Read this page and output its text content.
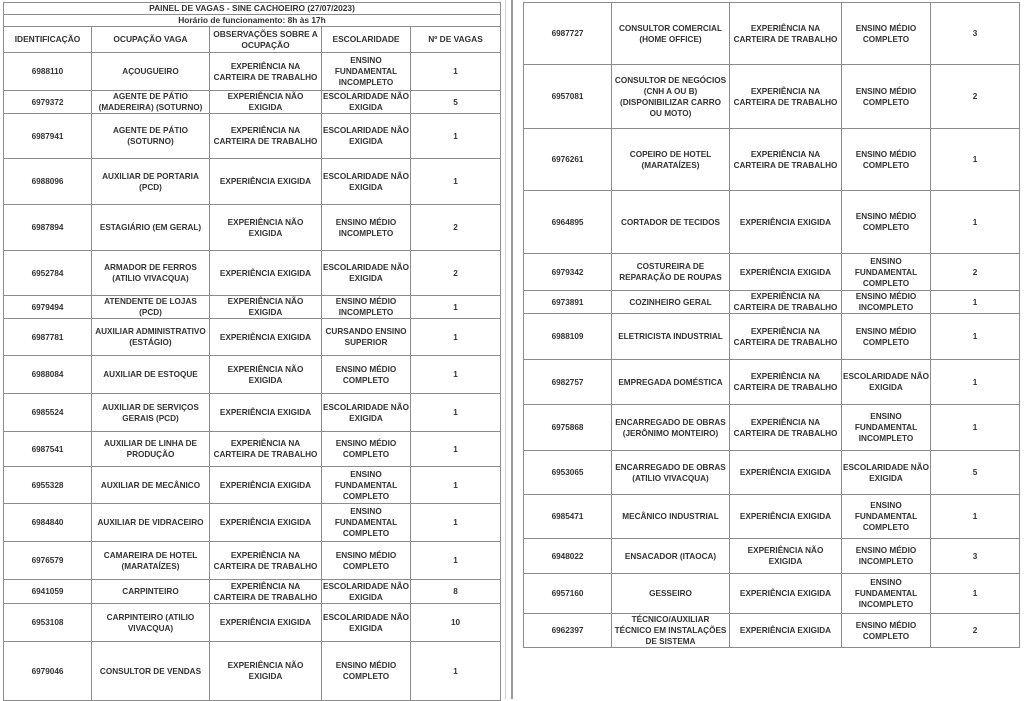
PAINEL DE VAGAS - SINE CACHOEIRO (27/07/2023)				
Horário de funcionamento: 8h às 17h				
IDENTIFICAÇÃO	OCUPAÇÃO VAGA	OBSERVAÇÕES SOBRE A OCUPAÇÃO	ESCOLARIDADE	Nº DE VAGAS
6988110	AÇOUGUEIRO	EXPERIÊNCIA NA CARTEIRA DE TRABALHO	ENSINO FUNDAMENTAL INCOMPLETO	1
6979372	AGENTE DE PÁTIO (MADEREIRA) (SOTURNO)	EXPERIÊNCIA NÃO EXIGIDA	ESCOLARIDADE NÃO EXIGIDA	5
6987941	AGENTE DE PÁTIO (SOTURNO)	EXPERIÊNCIA NA CARTEIRA DE TRABALHO	ESCOLARIDADE NÃO EXIGIDA	1
6988096	AUXILIAR DE PORTARIA (PCD)	EXPERIÊNCIA EXIGIDA	ESCOLARIDADE NÃO EXIGIDA	1
6987894	ESTAGIÁRIO (EM GERAL)	EXPERIÊNCIA NÃO EXIGIDA	ENSINO MÉDIO INCOMPLETO	2
6952784	ARMADOR DE FERROS (ATILIO VIVACQUA)	EXPERIÊNCIA EXIGIDA	ESCOLARIDADE NÃO EXIGIDA	2
6979494	ATENDENTE DE LOJAS (PCD)	EXPERIÊNCIA NÃO EXIGIDA	ENSINO MÉDIO INCOMPLETO	1
6987781	AUXILIAR ADMINISTRATIVO (ESTÁGIO)	EXPERIÊNCIA EXIGIDA	CURSANDO ENSINO SUPERIOR	1
6988084	AUXILIAR DE ESTOQUE	EXPERIÊNCIA NÃO EXIGIDA	ENSINO MÉDIO COMPLETO	1
6985524	AUXILIAR DE SERVIÇOS GERAIS (PCD)	EXPERIÊNCIA EXIGIDA	ESCOLARIDADE NÃO EXIGIDA	1
6987541	AUXILIAR DE LINHA DE PRODUÇÃO	EXPERIÊNCIA NA CARTEIRA DE TRABALHO	ENSINO MÉDIO COMPLETO	1
6955328	AUXILIAR DE MECÂNICO	EXPERIÊNCIA EXIGIDA	ENSINO FUNDAMENTAL COMPLETO	1
6984840	AUXILIAR DE VIDRACEIRO	EXPERIÊNCIA EXIGIDA	ENSINO FUNDAMENTAL COMPLETO	1
6976579	CAMAREIRA DE HOTEL (MARATAÍZES)	EXPERIÊNCIA NA CARTEIRA DE TRABALHO	ENSINO MÉDIO COMPLETO	1
6941059	CARPINTEIRO	EXPERIÊNCIA NA CARTEIRA DE TRABALHO	ESCOLARIDADE NÃO EXIGIDA	8
6953108	CARPINTEIRO (ATILIO VIVACQUA)	EXPERIÊNCIA EXIGIDA	ESCOLARIDADE NÃO EXIGIDA	10
6979046	CONSULTOR DE VENDAS	EXPERIÊNCIA NÃO EXIGIDA	ENSINO MÉDIO COMPLETO	1
6987727	CONSULTOR COMERCIAL (HOME OFFICE)	EXPERIÊNCIA NA CARTEIRA DE TRABALHO	ENSINO MÉDIO COMPLETO	3
6957081	CONSULTOR DE NEGÓCIOS (CNH A OU B) (DISPONIBILIZAR CARRO OU MOTO)	EXPERIÊNCIA NA CARTEIRA DE TRABALHO	ENSINO MÉDIO COMPLETO	2
6976261	COPEIRO DE HOTEL (MARATAÍZES)	EXPERIÊNCIA NA CARTEIRA DE TRABALHO	ENSINO MÉDIO COMPLETO	1
6964895	CORTADOR DE TECIDOS	EXPERIÊNCIA EXIGIDA	ENSINO MÉDIO COMPLETO	1
6979342	COSTUREIRA DE REPARAÇÃO DE ROUPAS	EXPERIÊNCIA EXIGIDA	ENSINO FUNDAMENTAL COMPLETO	2
6973891	COZINHEIRO GERAL	EXPERIÊNCIA NA CARTEIRA DE TRABALHO	ENSINO MÉDIO INCOMPLETO	1
6988109	ELETRICISTA INDUSTRIAL	EXPERIÊNCIA NA CARTEIRA DE TRABALHO	ENSINO MÉDIO COMPLETO	1
6982757	EMPREGADA DOMÉSTICA	EXPERIÊNCIA NA CARTEIRA DE TRABALHO	ESCOLARIDADE NÃO EXIGIDA	1
6975868	ENCARREGADO DE OBRAS (JERÔNIMO MONTEIRO)	EXPERIÊNCIA NA CARTEIRA DE TRABALHO	ENSINO FUNDAMENTAL INCOMPLETO	1
6953065	ENCARREGADO DE OBRAS (ATILIO VIVACQUA)	EXPERIÊNCIA EXIGIDA	ESCOLARIDADE NÃO EXIGIDA	5
6985471	MECÂNICO INDUSTRIAL	EXPERIÊNCIA EXIGIDA	ENSINO FUNDAMENTAL COMPLETO	1
6948022	ENSACADOR (ITAOCA)	EXPERIÊNCIA NÃO EXIGIDA	ENSINO MÉDIO INCOMPLETO	3
6957160	GESSEIRO	EXPERIÊNCIA EXIGIDA	ENSINO FUNDAMENTAL INCOMPLETO	1
6962397	TÉCNICO/AUXILIAR TÉCNICO EM INSTALAÇÕES DE SISTEMA	EXPERIÊNCIA EXIGIDA	ENSINO MÉDIO COMPLETO	2
